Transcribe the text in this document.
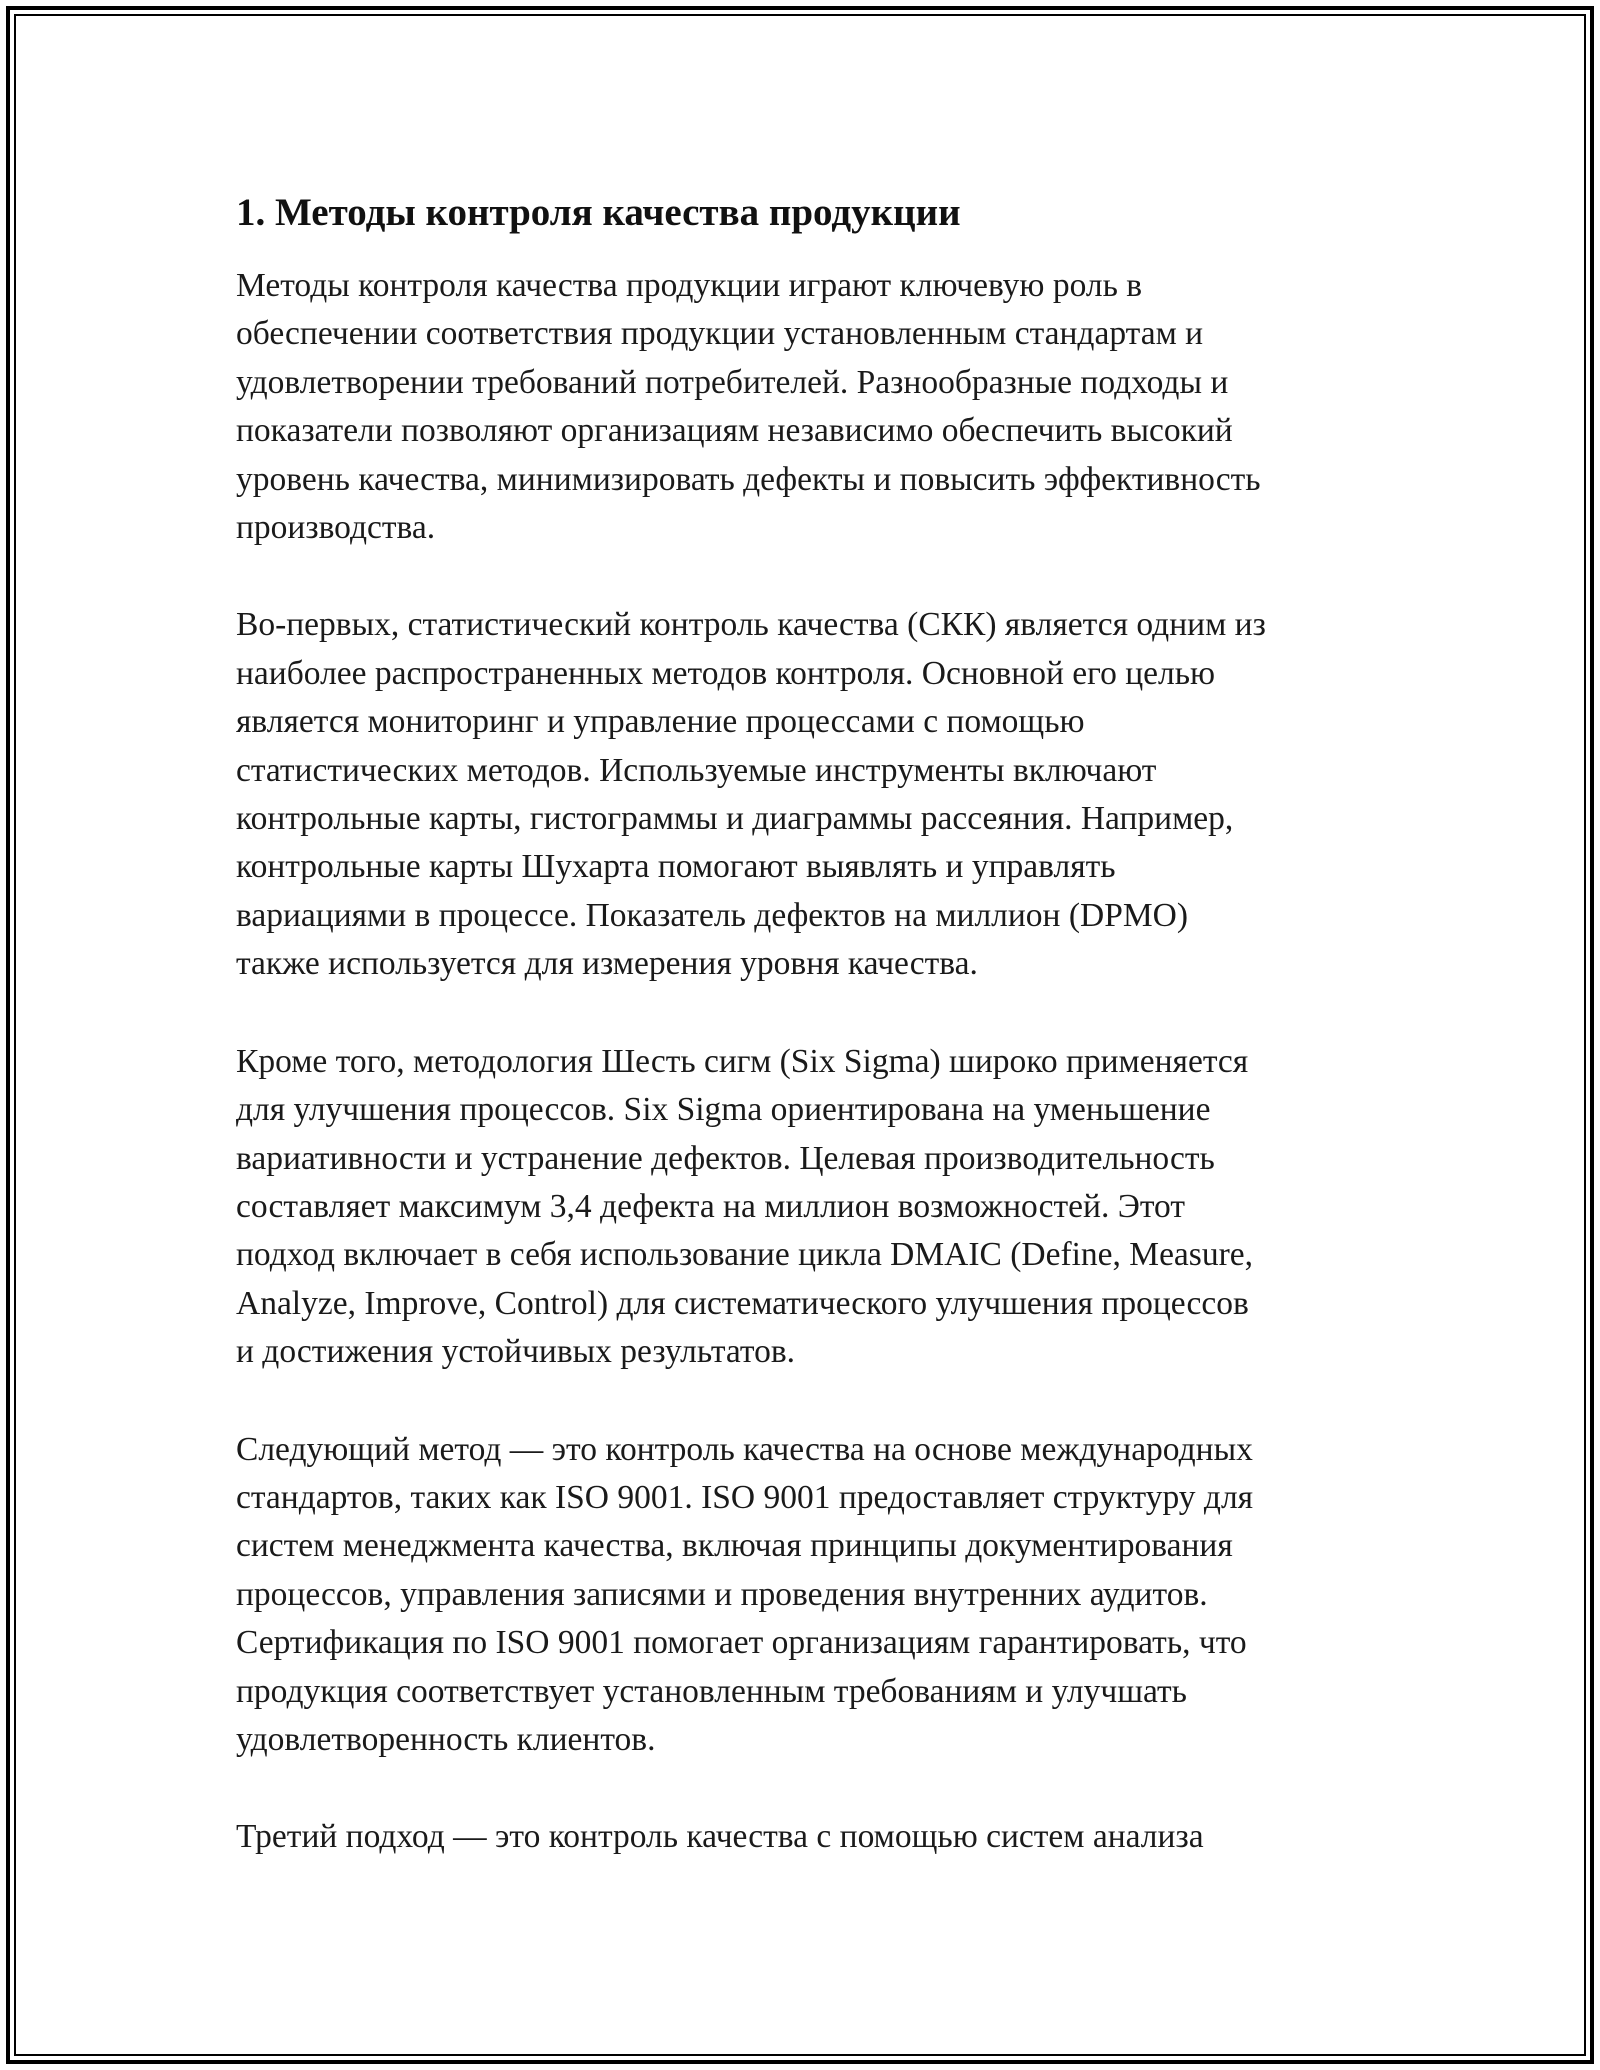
1. Методы контроля качества продукции

Методы контроля качества продукции играют ключевую роль в
обеспечении соответствия продукции установленным стандартам и
удовлетворении требований потребителей. Разнообразные подходы и
показатели позволяют организациям независимо обеспечить высокий
уровень качества, минимизировать дефекты и повысить эффективность
производства.

Во-первых, статистический контроль качества (СКК) является одним из
наиболее распространенных методов контроля. Основной его целью
является мониторинг и управление процессами с помощью
статистических методов. Используемые инструменты включают
контрольные карты, гистограммы и диаграммы рассеяния. Например,
контрольные карты Шухарта помогают выявлять и управлять
вариациями в процессе. Показатель дефектов на миллион (DPMO)
также используется для измерения уровня качества.

Кроме того, методология Шесть сигм (Six Sigma) широко применяется
для улучшения процессов. Six Sigma ориентирована на уменьшение
вариативности и устранение дефектов. Целевая производительность
составляет максимум 3,4 дефекта на миллион возможностей. Этот
подход включает в себя использование цикла DMAIC (Define, Measure,
Analyze, Improve, Control) для систематического улучшения процессов
и достижения устойчивых результатов.

Следующий метод — это контроль качества на основе международных
стандартов, таких как ISO 9001. ISO 9001 предоставляет структуру для
систем менеджмента качества, включая принципы документирования
процессов, управления записями и проведения внутренних аудитов.
Сертификация по ISO 9001 помогает организациям гарантировать, что
продукция соответствует установленным требованиям и улучшать
удовлетворенность клиентов.

Третий подход — это контроль качества с помощью систем анализа
